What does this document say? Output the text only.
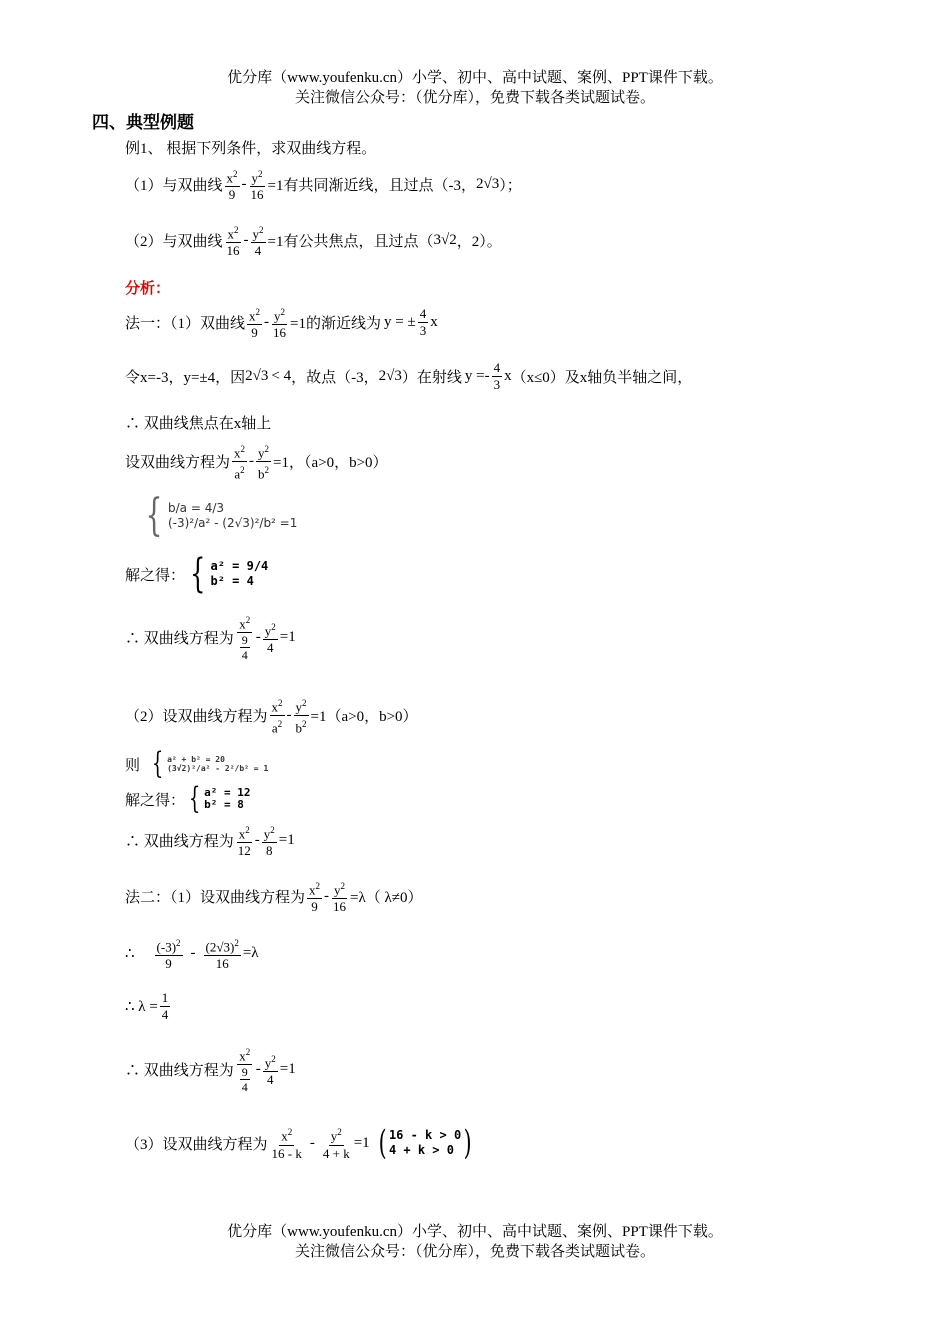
优分库（www.youfenku.cn）小学、初中、高中试题、案例、PPT课件下载。
关注微信公众号：（优分库），免费下载各类试题试卷。
四、典型例题
例1、 根据下列条件，求双曲线方程。
（1）与双曲线 $\frac{x^2}{9} - \frac{y^2}{16} =1$有共同渐近线，且过点（-3， 2√3 ）；
（2）与双曲线 $\frac{x^2}{16} - \frac{y^2}{4} =1$有公共焦点，且过点（ 3√2 ，2）。
分析：
法一：（1）双曲线 $\frac{x^2}{9} - \frac{y^2}{16} =1$的渐近线为 y = ± $\frac{4}{3}$ x
令x=-3，y=±4，因 2√3 < 4 ，故点（-3， 2√3 ）在射线 $y =- \frac{4}{3}$ x （x≤0）及x轴负半轴之间，
∴ 双曲线焦点在x轴上
设双曲线方程为 $\frac{x^2}{a^2} - \frac{y^2}{b^2} =1$，（a>0，b>0）
{ b/a = 4/3
(-3)²/a² - (2√3)²/b² =1
解之得： { a² = 9/4
b² = 4
∴ 双曲线方程为 $\frac{x^2}{\frac{9}{4}} - \frac{y^2}{4} =1$
（2）设双曲线方程为 $\frac{x^2}{a^2} - \frac{y^2}{b^2} =1(a>0$，b>0）
则 { a² + b² = 20
(3√2)²/a² - 2²/b² = 1
解之得： { a² = 12
b² = 8
∴ 双曲线方程为 $\frac{x^2}{12} - \frac{y^2}{8} =1$
法二：（1）设双曲线方程为 $\frac{x^2}{9} - \frac{y^2}{16} =\lambda$（ λ≠0）
∴ $\frac{(-3)^2}{9} - \frac{(2√3)^2}{16} =\lambda$
∴ $\lambda = \frac{1}{4}$
∴ 双曲线方程为 $\frac{x^2}{\frac{9}{4}} - \frac{y^2}{4} =1$
（3）设双曲线方程为 $\frac{x^2}{16 - k} - \frac{y^2}{4 + k} =1$ ( 16 - k > 0
4 + k > 0 )
优分库（www.youfenku.cn）小学、初中、高中试题、案例、PPT课件下载。
关注微信公众号：（优分库），免费下载各类试题试卷。
